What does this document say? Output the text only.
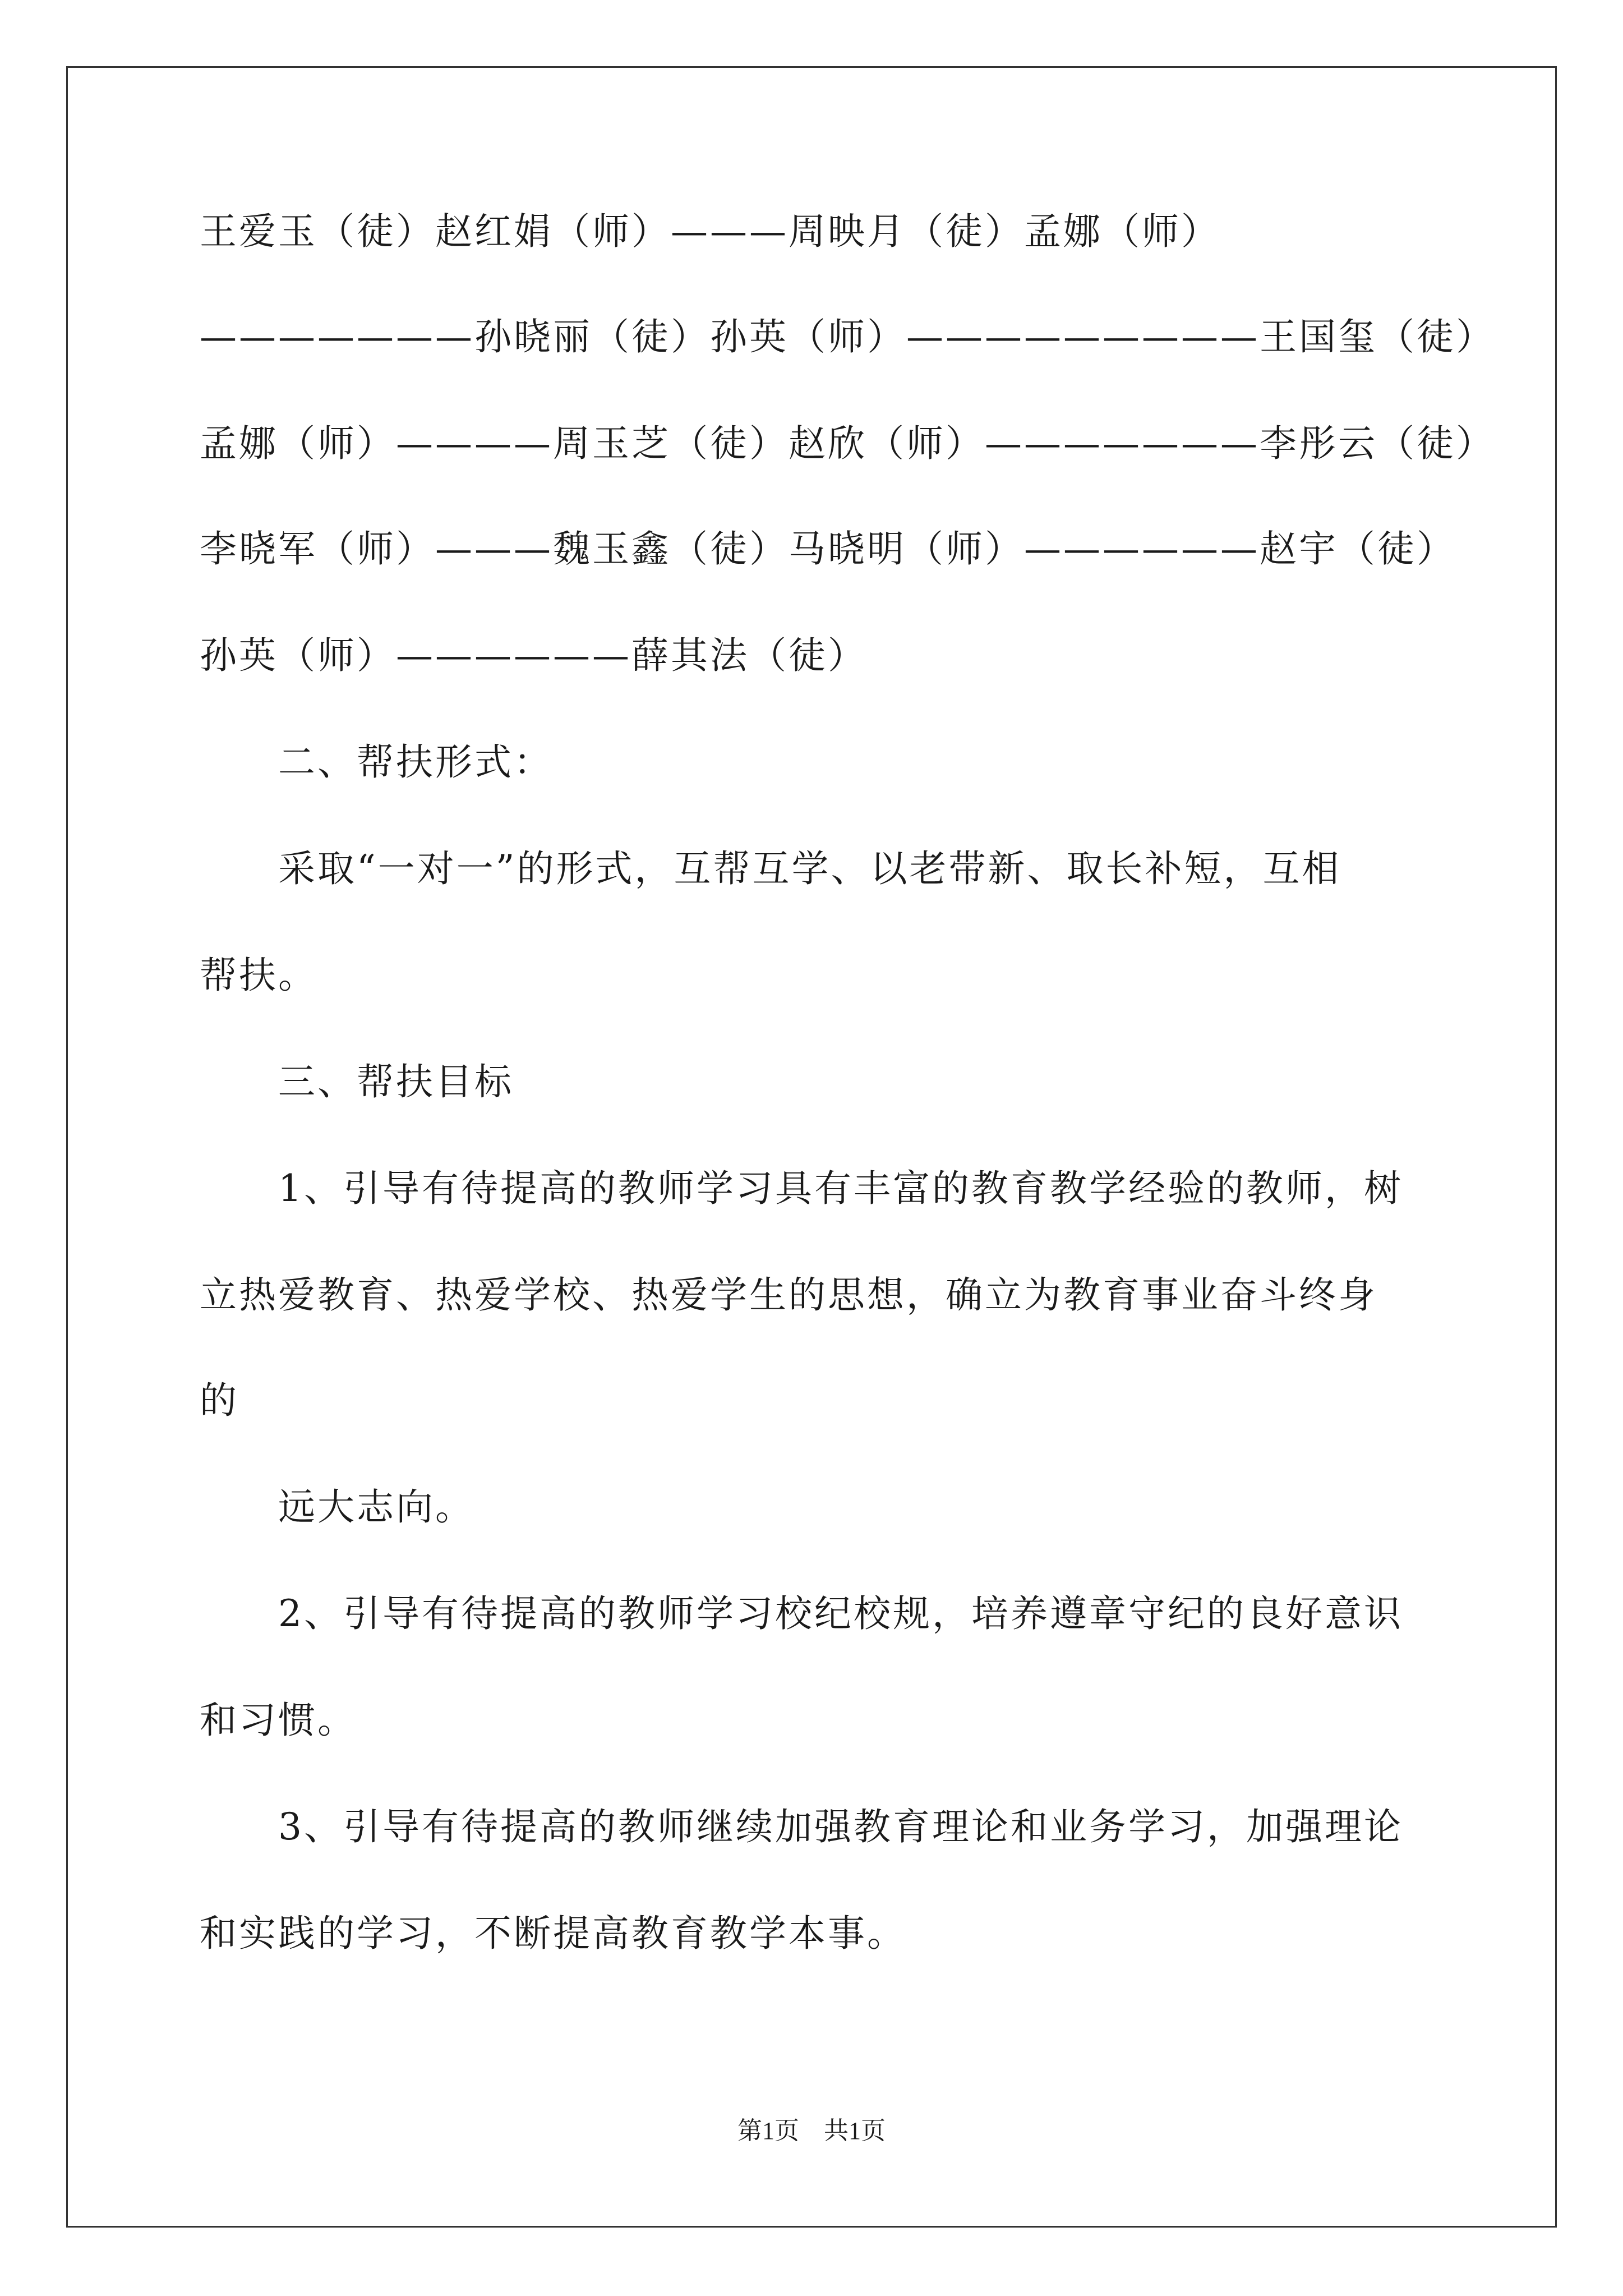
王爱玉（徒）赵红娟（师）———周映月（徒）孟娜（师）
———————孙晓丽（徒）孙英（师）—————————王国玺（徒）
孟娜（师）————周玉芝（徒）赵欣（师）———————李彤云（徒）
李晓军（师）———魏玉鑫（徒）马晓明（师）——————赵宇（徒）
孙英（师）——————薛其法（徒）
二、帮扶形式：
采取“一对一”的形式，互帮互学、以老带新、取长补短，互相
帮扶。
三、帮扶目标
1、引导有待提高的教师学习具有丰富的教育教学经验的教师，树
立热爱教育、热爱学校、热爱学生的思想，确立为教育事业奋斗终身
的
远大志向。
2、引导有待提高的教师学习校纪校规，培养遵章守纪的良好意识
和习惯。
3、引导有待提高的教师继续加强教育理论和业务学习，加强理论
和实践的学习，不断提高教育教学本事。
第1页　共1页
